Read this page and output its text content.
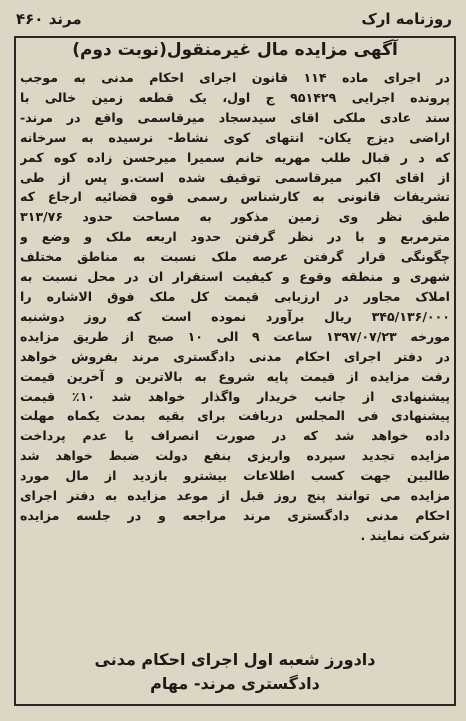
روزنامه ارک
مرند ۴۶۰
آگهی مزایده مال غیرمنقول(نوبت دوم)
در اجرای ماده ۱۱۴ قانون اجرای احکام مدنی به موجب
پرونده اجرایی ۹۵۱۴۲۹ ج اول، یک قطعه زمین خالی با
سند عادی ملکی اقای سیدسجاد میرقاسمی واقع در مرند-
اراضی دیزج یکان- انتهای کوی نشاط- نرسیده به سرخانه
که د ر قبال طلب مهریه خانم سمیرا میرحسن زاده کوه کمر
از اقای اکبر میرقاسمی توقیف شده است.و پس از طی
تشریفات قانونی به کارشناس رسمی قوه قضائیه ارجاع که
طبق نظر وی زمین مذکور به مساحت حدود ۳۱۳/۷۶
مترمربع و با در نظر گرفتن حدود اربعه ملک و وضع و
چگونگی قرار گرفتن عرصه ملک نسبت به مناطق مختلف
شهری و منطقه وقوع و کیفیت استقرار ان در محل نسبت به
املاک مجاور در ارزیابی قیمت کل ملک فوق الاشاره را
۳۴۵/۱۳۶/۰۰۰ ریال برآورد نموده است که روز دوشنبه
مورخه ۱۳۹۷/۰۷/۲۳ ساعت ۹ الی ۱۰ صبح از طریق مزایده
در دفتر اجرای احکام مدنی دادگستری مرند بفروش خواهد
رفت مزایده از قیمت پایه شروع به بالاترین و آخرین قیمت
پیشنهادی از جانب خریدار واگذار خواهد شد ۱۰٪ قیمت
پیشنهادی فی المجلس دریافت برای بقیه بمدت یکماه مهلت
داده خواهد شد که در صورت انصراف یا عدم پرداخت
مزایده تجدید سپرده واریزی بنفع دولت ضبط خواهد شد
طالبین جهت کسب اطلاعات بیشترو بازدید از مال مورد
مزایده می توانند پنج روز قبل از موعد مزایده به دفتر اجرای
احکام مدنی دادگستری مرند مراجعه و در جلسه مزایده
شرکت نمایند .
دادورز شعبه اول اجرای احکام مدنی
دادگستری مرند- مهام
